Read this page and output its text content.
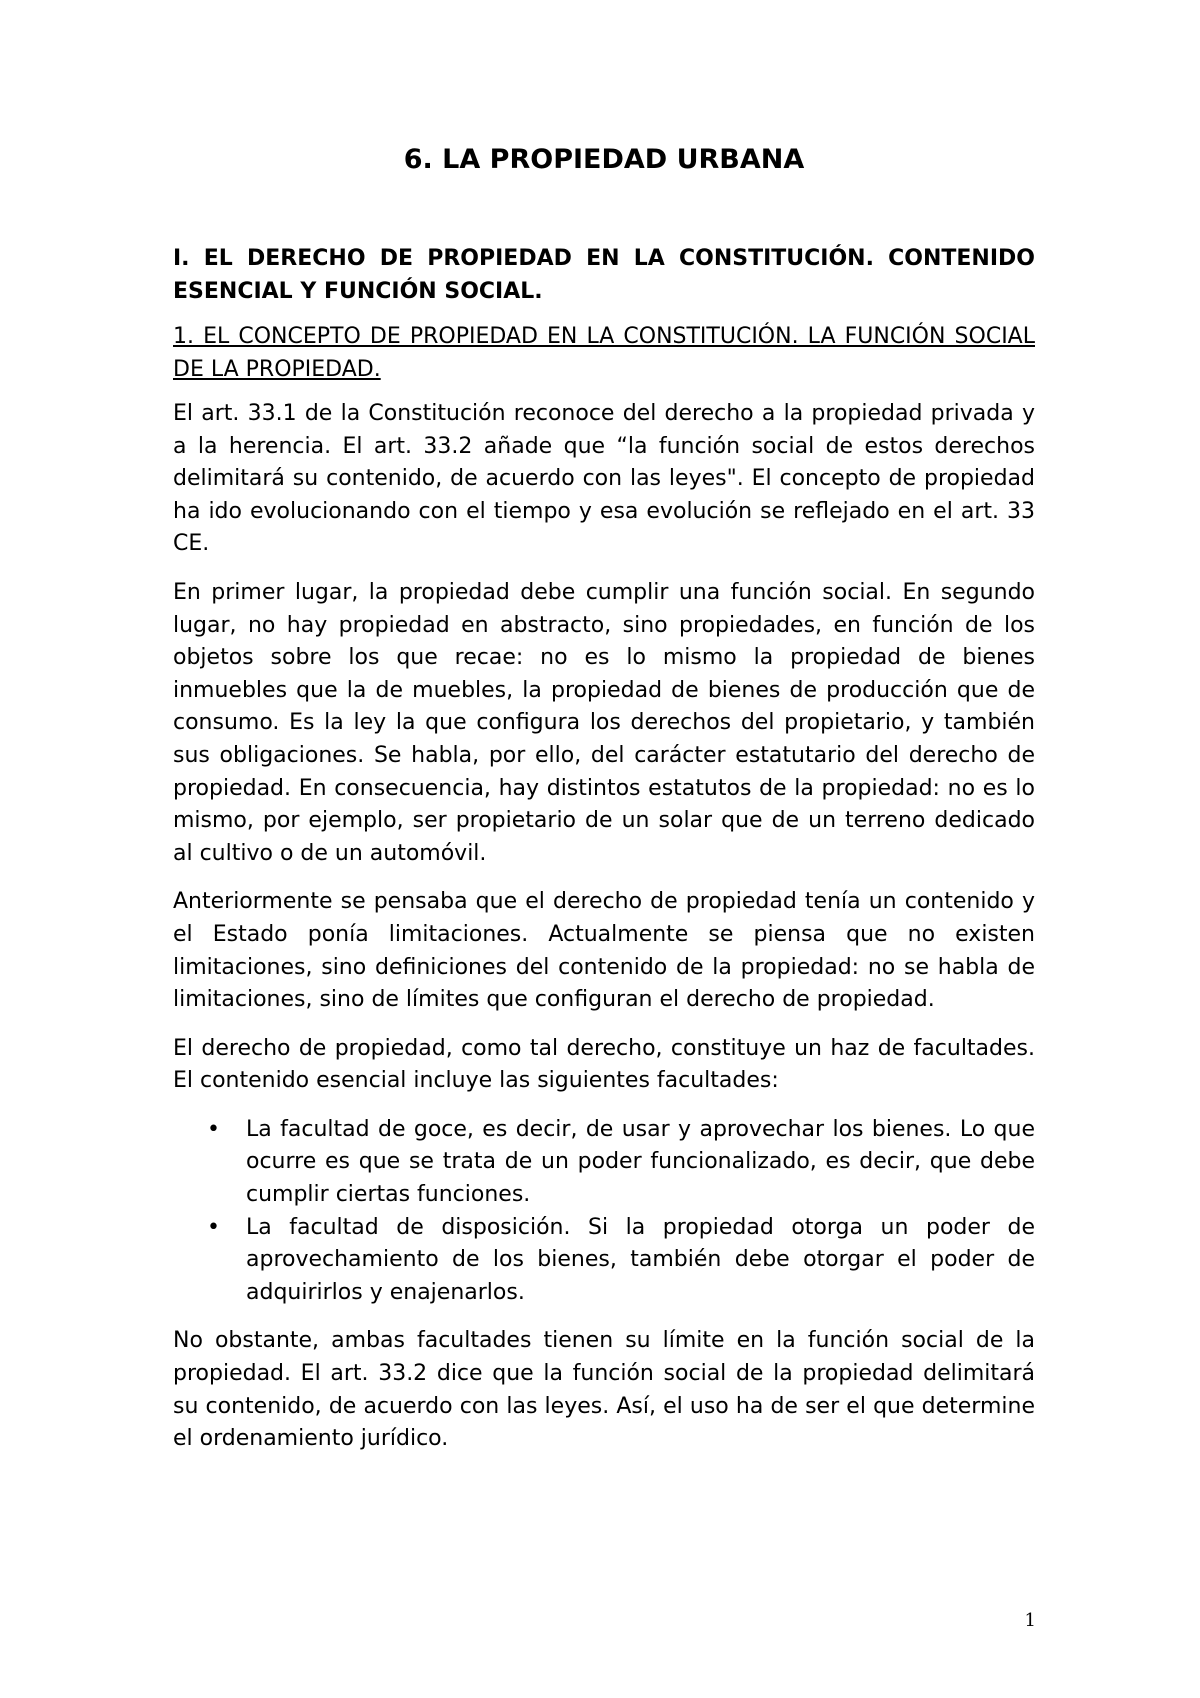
6. LA PROPIEDAD URBANA

I. EL DERECHO DE PROPIEDAD EN LA CONSTITUCIÓN. CONTENIDO ESENCIAL Y FUNCIÓN SOCIAL.

1. EL CONCEPTO DE PROPIEDAD EN LA CONSTITUCIÓN. LA FUNCIÓN SOCIAL DE LA PROPIEDAD.

El art. 33.1 de la Constitución reconoce del derecho a la propiedad privada y a la herencia. El art. 33.2 añade que “la función social de estos derechos delimitará su contenido, de acuerdo con las leyes". El concepto de propiedad ha ido evolucionando con el tiempo y esa evolución se reflejado en el art. 33 CE.

En primer lugar, la propiedad debe cumplir una función social. En segundo lugar, no hay propiedad en abstracto, sino propiedades, en función de los objetos sobre los que recae: no es lo mismo la propiedad de bienes inmuebles que la de muebles, la propiedad de bienes de producción que de consumo. Es la ley la que configura los derechos del propietario, y también sus obligaciones. Se habla, por ello, del carácter estatutario del derecho de propiedad. En consecuencia, hay distintos estatutos de la propiedad: no es lo mismo, por ejemplo, ser propietario de un solar que de un terreno dedicado al cultivo o de un automóvil.

Anteriormente se pensaba que el derecho de propiedad tenía un contenido y el Estado ponía limitaciones. Actualmente se piensa que no existen limitaciones, sino definiciones del contenido de la propiedad: no se habla de limitaciones, sino de límites que configuran el derecho de propiedad.

El derecho de propiedad, como tal derecho, constituye un haz de facultades. El contenido esencial incluye las siguientes facultades:

• La facultad de goce, es decir, de usar y aprovechar los bienes. Lo que ocurre es que se trata de un poder funcionalizado, es decir, que debe cumplir ciertas funciones.
• La facultad de disposición. Si la propiedad otorga un poder de aprovechamiento de los bienes, también debe otorgar el poder de adquirirlos y enajenarlos.

No obstante, ambas facultades tienen su límite en la función social de la propiedad. El art. 33.2 dice que la función social de la propiedad delimitará su contenido, de acuerdo con las leyes. Así, el uso ha de ser el que determine el ordenamiento jurídico.

1
